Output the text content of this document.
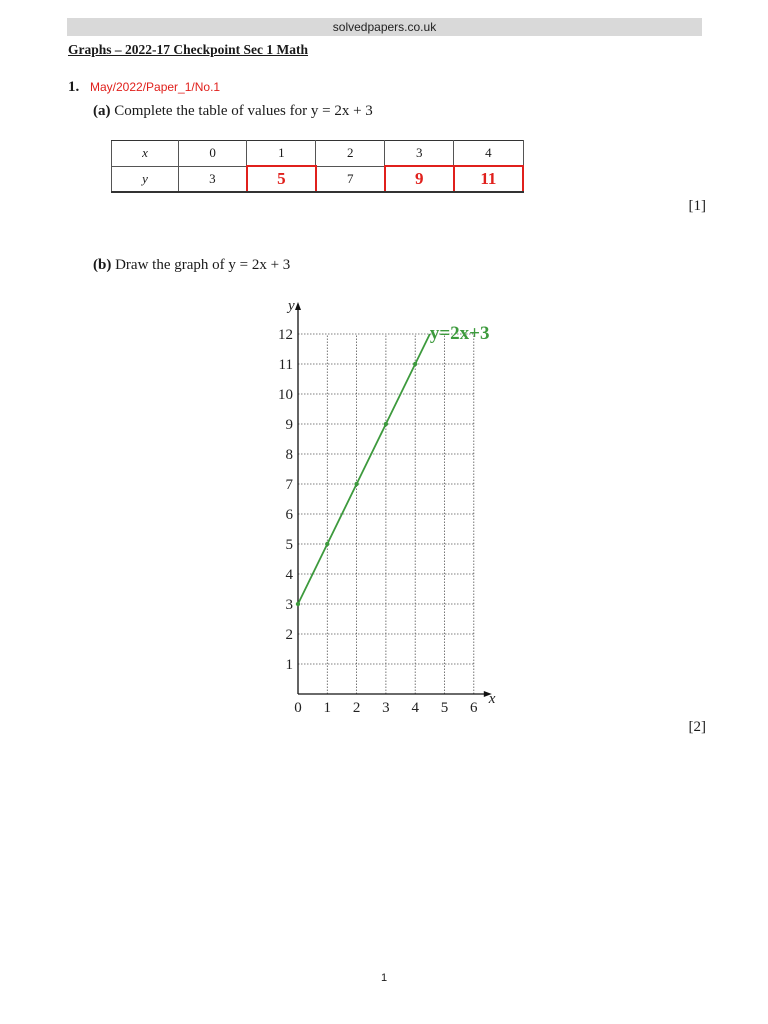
solvedpapers.co.uk
Graphs – 2022-17 Checkpoint Sec 1 Math
1. May/2022/Paper_1/No.1
(a) Complete the table of values for y = 2x + 3
x	0	1	2	3	4
y	3	5	7	9	11
[1]
(b) Draw the graph of y = 2x + 3
0 1 2 3 4 5 6
1
2
3
4
5
6
7
8
9
10
11
12
x
y
y=2x+3
[2]
1
